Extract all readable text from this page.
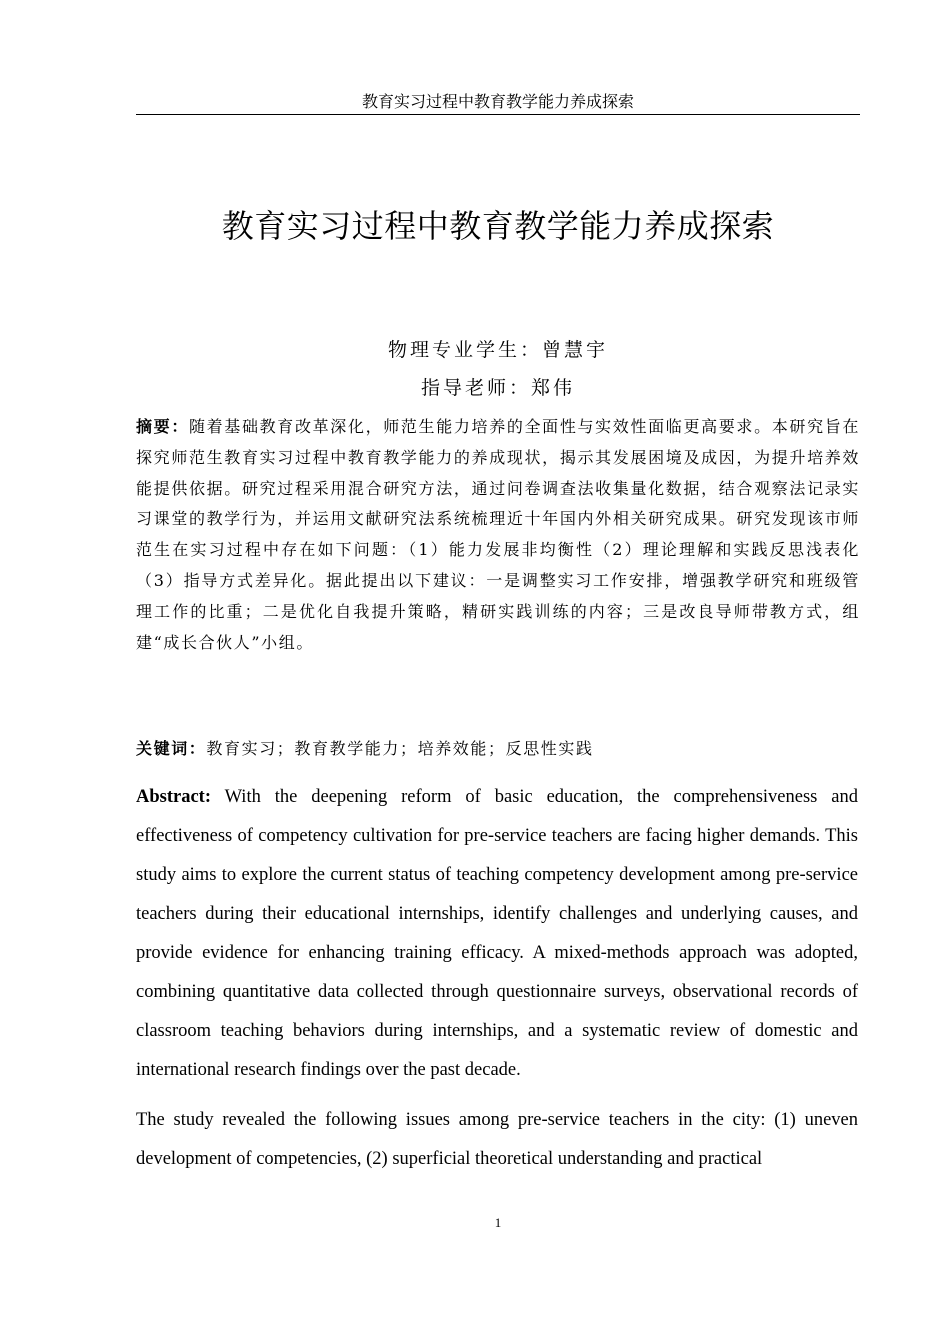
教育实习过程中教育教学能力养成探索
教育实习过程中教育教学能力养成探索
物理专业学生：曾慧宇
指导老师：郑伟

摘要：随着基础教育改革深化，师范生能力培养的全面性与实效性面临更高要求。本研究旨在探究师范生教育实习过程中教育教学能力的养成现状，揭示其发展困境及成因，为提升培养效能提供依据。研究过程采用混合研究方法，通过问卷调查法收集量化数据，结合观察法记录实习课堂的教学行为，并运用文献研究法系统梳理近十年国内外相关研究成果。研究发现该市师范生在实习过程中存在如下问题：（1）能力发展非均衡性（2）理论理解和实践反思浅表化（3）指导方式差异化。据此提出以下建议：一是调整实习工作安排，增强教学研究和班级管理工作的比重；二是优化自我提升策略，精研实践训练的内容；三是改良导师带教方式，组建“成长合伙人”小组。

关键词：教育实习；教育教学能力；培养效能；反思性实践

Abstract: With the deepening reform of basic education, the comprehensiveness and effectiveness of competency cultivation for pre-service teachers are facing higher demands. This study aims to explore the current status of teaching competency development among pre-service teachers during their educational internships, identify challenges and underlying causes, and provide evidence for enhancing training efficacy. A mixed-methods approach was adopted, combining quantitative data collected through questionnaire surveys, observational records of classroom teaching behaviors during internships, and a systematic review of domestic and international research findings over the past decade.

The study revealed the following issues among pre-service teachers in the city: (1) uneven development of competencies, (2) superficial theoretical understanding and practical

1
